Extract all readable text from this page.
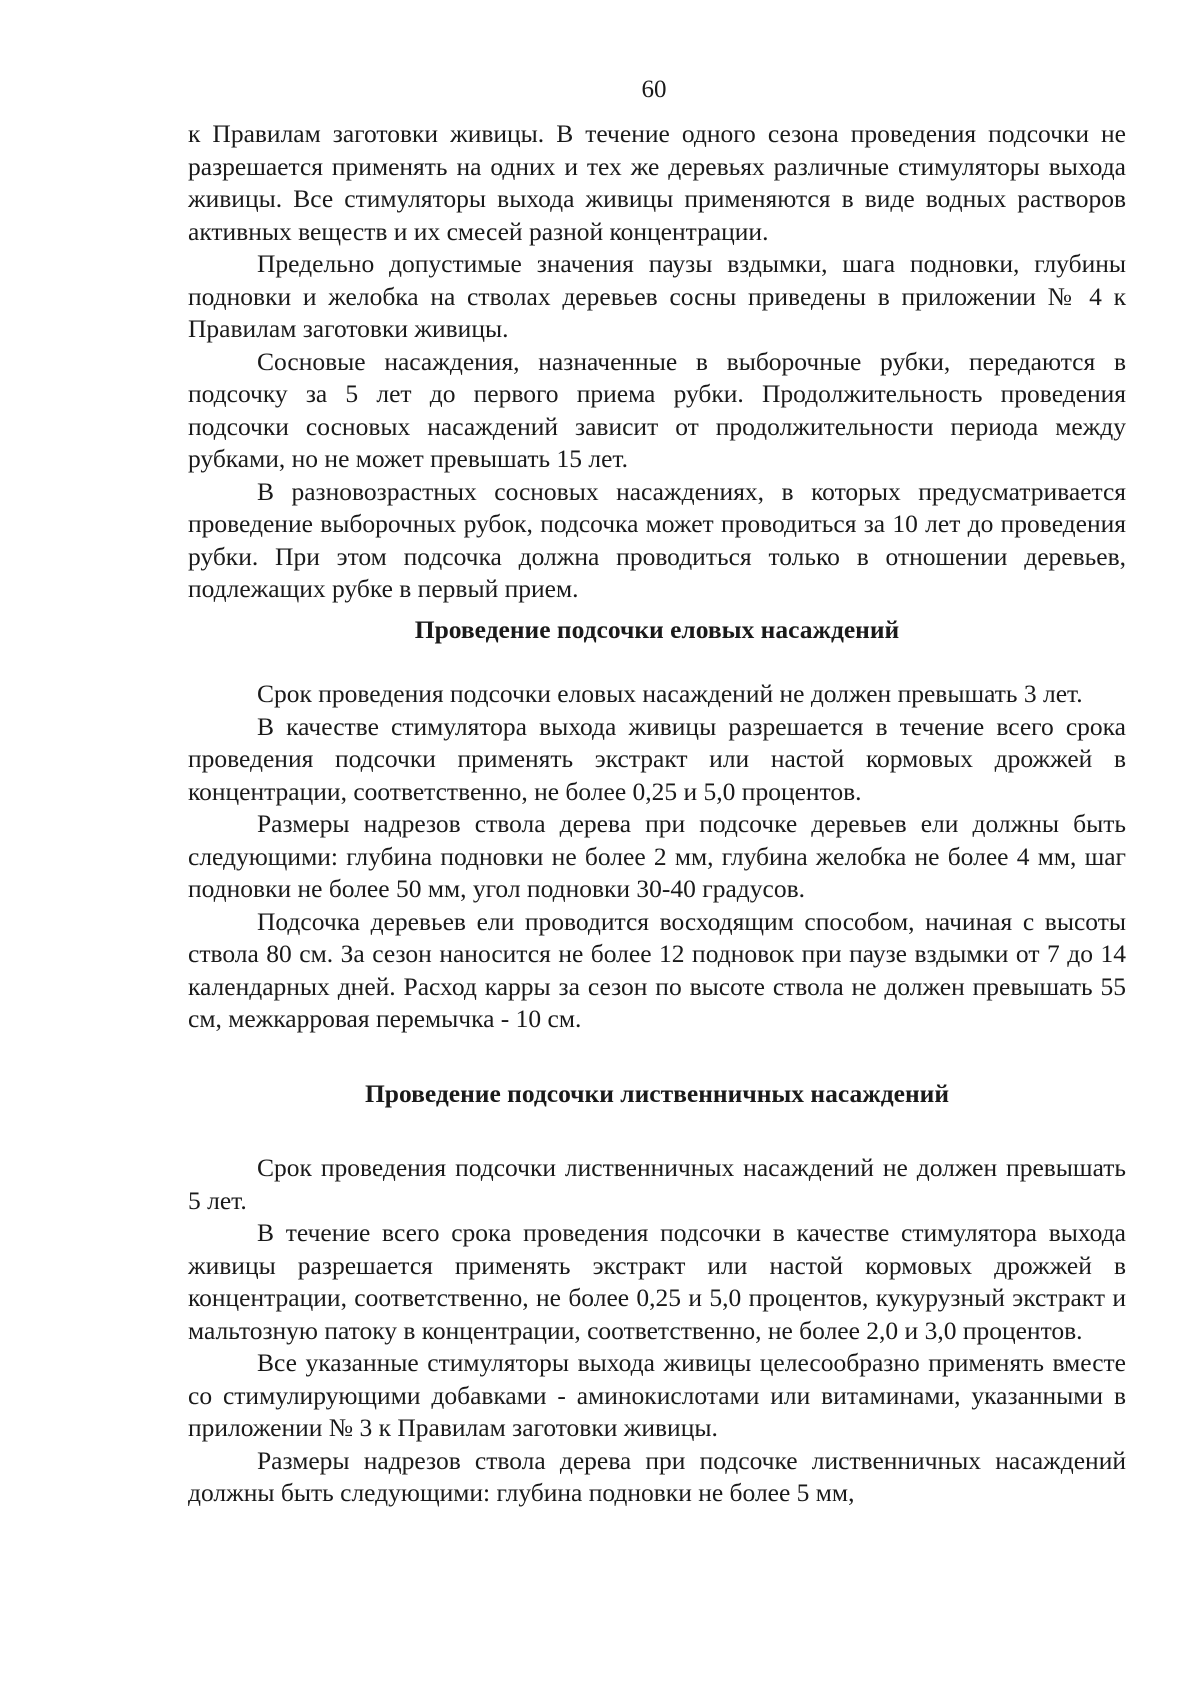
60

к Правилам заготовки живицы. В течение одного сезона проведения подсочки не разрешается применять на одних и тех же деревьях различные стимуляторы выхода живицы. Все стимуляторы выхода живицы применяются в виде водных растворов активных веществ и их смесей разной концентрации.

Предельно допустимые значения паузы вздымки, шага подновки, глубины подновки и желобка на стволах деревьев сосны приведены в приложении № 4 к Правилам заготовки живицы.

Сосновые насаждения, назначенные в выборочные рубки, передаются в подсочку за 5 лет до первого приема рубки. Продолжительность проведения подсочки сосновых насаждений зависит от продолжительности периода между рубками, но не может превышать 15 лет.

В разновозрастных сосновых насаждениях, в которых предусматривается проведение выборочных рубок, подсочка может проводиться за 10 лет до проведения рубки. При этом подсочка должна проводиться только в отношении деревьев, подлежащих рубке в первый прием.

Проведение подсочки еловых насаждений

Срок проведения подсочки еловых насаждений не должен превышать 3 лет.

В качестве стимулятора выхода живицы разрешается в течение всего срока проведения подсочки применять экстракт или настой кормовых дрожжей в концентрации, соответственно, не более 0,25 и 5,0 процентов.

Размеры надрезов ствола дерева при подсочке деревьев ели должны быть следующими: глубина подновки не более 2 мм, глубина желобка не более 4 мм, шаг подновки не более 50 мм, угол подновки 30-40 градусов.

Подсочка деревьев ели проводится восходящим способом, начиная с высоты ствола 80 см. За сезон наносится не более 12 подновок при паузе вздымки от 7 до 14 календарных дней. Расход карры за сезон по высоте ствола не должен превышать 55 см, межкарровая перемычка - 10 см.

Проведение подсочки лиственничных насаждений

Срок проведения подсочки лиственничных насаждений не должен превышать 5 лет.

В течение всего срока проведения подсочки в качестве стимулятора выхода живицы разрешается применять экстракт или настой кормовых дрожжей в концентрации, соответственно, не более 0,25 и 5,0 процентов, кукурузный экстракт и мальтозную патоку в концентрации, соответственно, не более 2,0 и 3,0 процентов.

Все указанные стимуляторы выхода живицы целесообразно применять вместе со стимулирующими добавками - аминокислотами или витаминами, указанными в приложении № 3 к Правилам заготовки живицы.

Размеры надрезов ствола дерева при подсочке лиственничных насаждений должны быть следующими: глубина подновки не более 5 мм,
